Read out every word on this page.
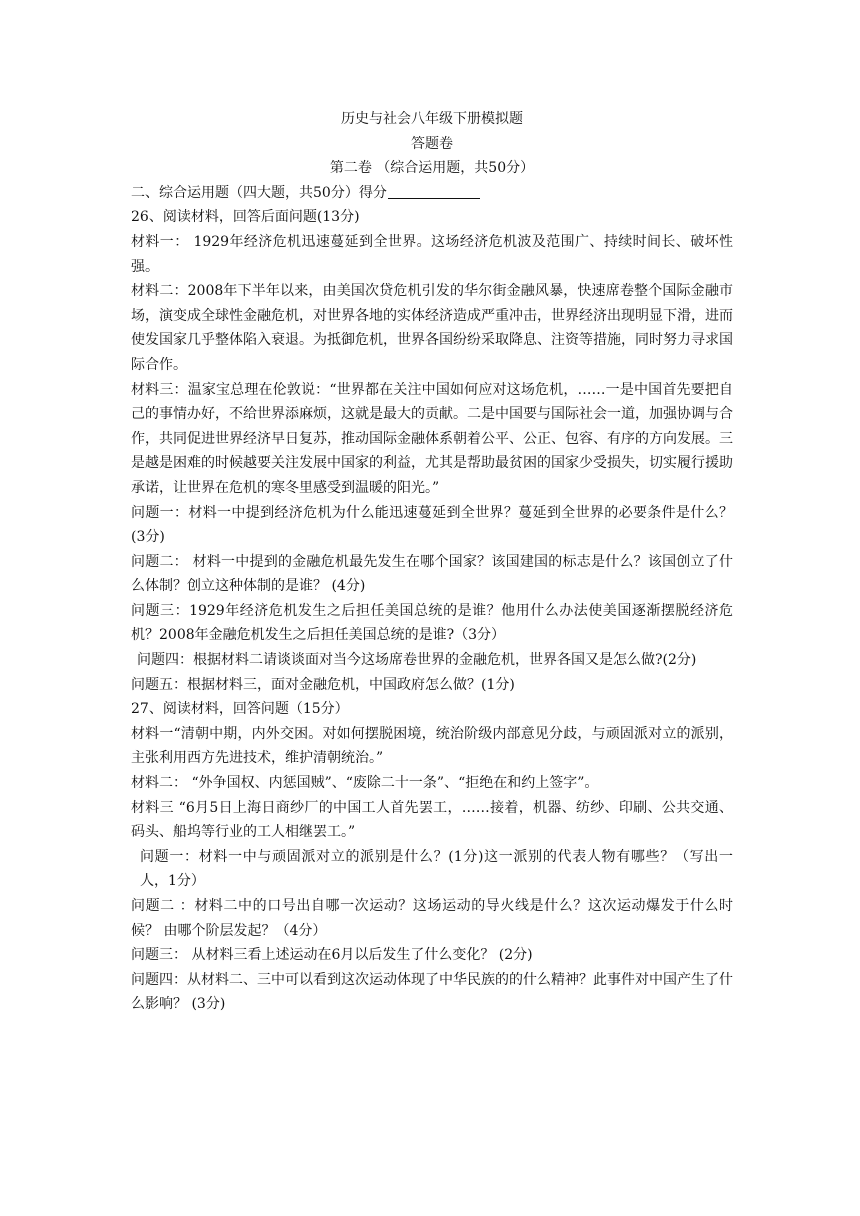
历史与社会八年级下册模拟题
答题卷
第二卷 （综合运用题，共50分）

二、综合运用题（四大题，共50分）得分

26、阅读材料，回答后面问题(13分)

材料一： 1929年经济危机迅速蔓延到全世界。这场经济危机波及范围广、持续时间长、破坏性强。

材料二：2008年下半年以来，由美国次贷危机引发的华尔街金融风暴，快速席卷整个国际金融市场，演变成全球性金融危机，对世界各地的实体经济造成严重冲击，世界经济出现明显下滑，进而使发国家几乎整体陷入衰退。为抵御危机，世界各国纷纷采取降息、注资等措施，同时努力寻求国际合作。

材料三：温家宝总理在伦敦说：“世界都在关注中国如何应对这场危机，……一是中国首先要把自己的事情办好，不给世界添麻烦，这就是最大的贡献。二是中国要与国际社会一道，加强协调与合作，共同促进世界经济早日复苏，推动国际金融体系朝着公平、公正、包容、有序的方向发展。三是越是困难的时候越要关注发展中国家的利益，尤其是帮助最贫困的国家少受损失，切实履行援助承诺，让世界在危机的寒冬里感受到温暖的阳光。”

问题一：材料一中提到经济危机为什么能迅速蔓延到全世界？蔓延到全世界的必要条件是什么？(3分)

问题二： 材料一中提到的金融危机最先发生在哪个国家？该国建国的标志是什么？该国创立了什么体制？创立这种体制的是谁？ (4分)

问题三：1929年经济危机发生之后担任美国总统的是谁？他用什么办法使美国逐渐摆脱经济危机？2008年金融危机发生之后担任美国总统的是谁?（3分）

问题四：根据材料二请谈谈面对当今这场席卷世界的金融危机，世界各国又是怎么做?(2分)

问题五：根据材料三，面对金融危机，中国政府怎么做？(1分)

27、阅读材料，回答问题（15分）

材料一“清朝中期，内外交困。对如何摆脱困境，统治阶级内部意见分歧，与顽固派对立的派别，主张利用西方先进技术，维护清朝统治。”

材料二： “外争国权、内惩国贼”、“废除二十一条”、“拒绝在和约上签字”。

材料三 “6月5日上海日商纱厂的中国工人首先罢工，……接着，机器、纺纱、印刷、公共交通、码头、船坞等行业的工人相继罢工。”

问题一：材料一中与顽固派对立的派别是什么？(1分)这一派别的代表人物有哪些？（写出一人，1分）

问题二 ：材料二中的口号出自哪一次运动？这场运动的导火线是什么？这次运动爆发于什么时候？ 由哪个阶层发起？（4分）

问题三： 从材料三看上述运动在6月以后发生了什么变化？ (2分)

问题四：从材料二、三中可以看到这次运动体现了中华民族的的什么精神？此事件对中国产生了什么影响？ (3分)
